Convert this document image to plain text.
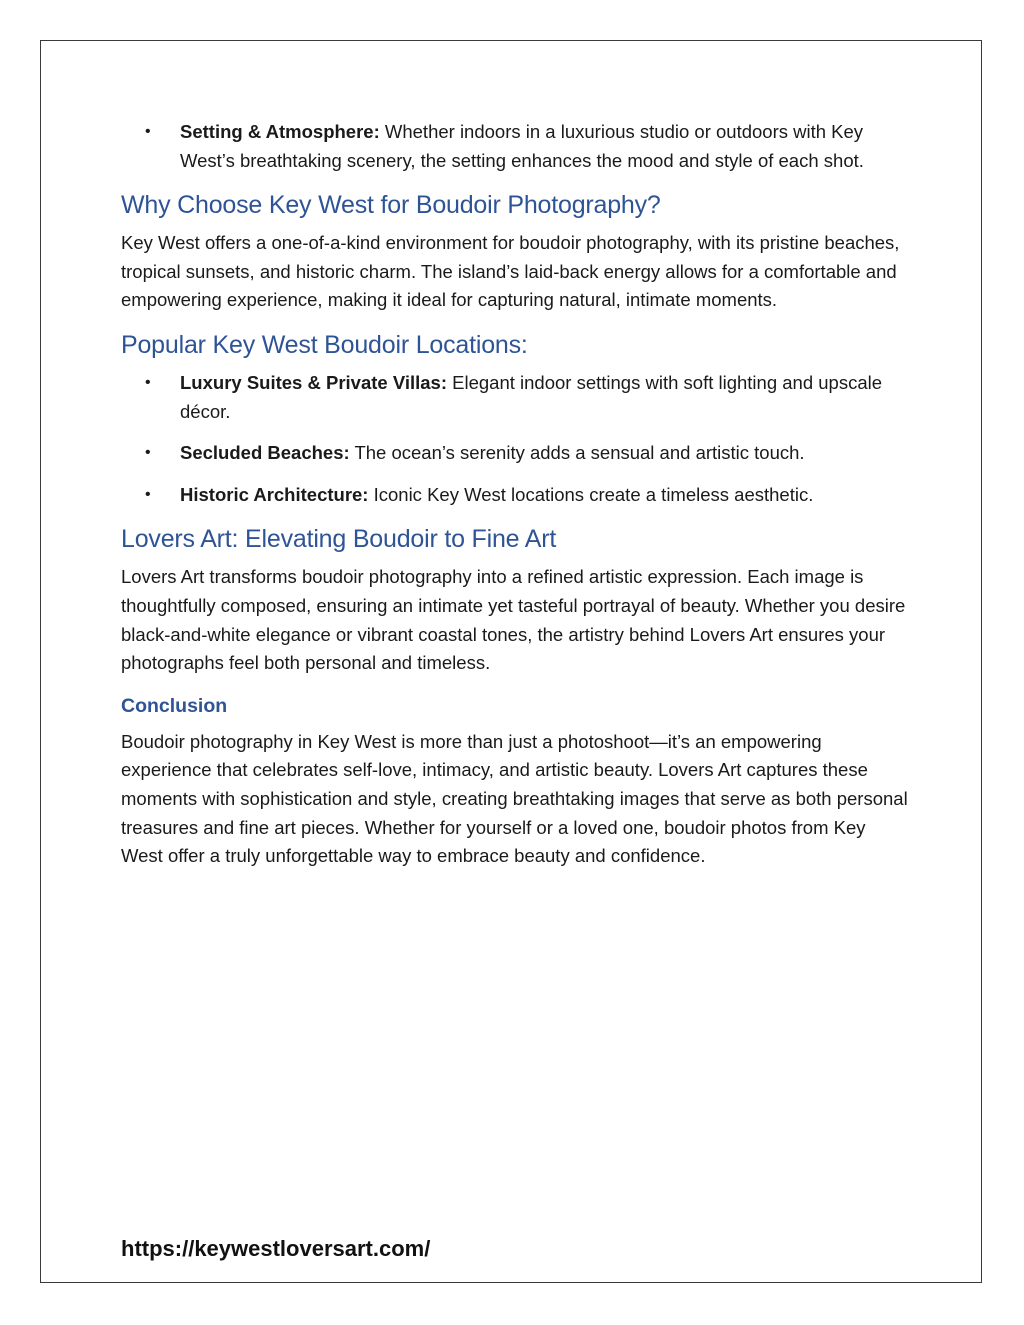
• Setting & Atmosphere: Whether indoors in a luxurious studio or outdoors with Key West’s breathtaking scenery, the setting enhances the mood and style of each shot.
Why Choose Key West for Boudoir Photography?

Key West offers a one-of-a-kind environment for boudoir photography, with its pristine beaches, tropical sunsets, and historic charm. The island’s laid-back energy allows for a comfortable and empowering experience, making it ideal for capturing natural, intimate moments.

Popular Key West Boudoir Locations:
• Luxury Suites & Private Villas: Elegant indoor settings with soft lighting and upscale décor.
• Secluded Beaches: The ocean’s serenity adds a sensual and artistic touch.
• Historic Architecture: Iconic Key West locations create a timeless aesthetic.
Lovers Art: Elevating Boudoir to Fine Art

Lovers Art transforms boudoir photography into a refined artistic expression. Each image is thoughtfully composed, ensuring an intimate yet tasteful portrayal of beauty. Whether you desire black-and-white elegance or vibrant coastal tones, the artistry behind Lovers Art ensures your photographs feel both personal and timeless.

Conclusion

Boudoir photography in Key West is more than just a photoshoot—it’s an empowering experience that celebrates self-love, intimacy, and artistic beauty. Lovers Art captures these moments with sophistication and style, creating breathtaking images that serve as both personal treasures and fine art pieces. Whether for yourself or a loved one, boudoir photos from Key West offer a truly unforgettable way to embrace beauty and confidence.

https://keywestloversart.com/
